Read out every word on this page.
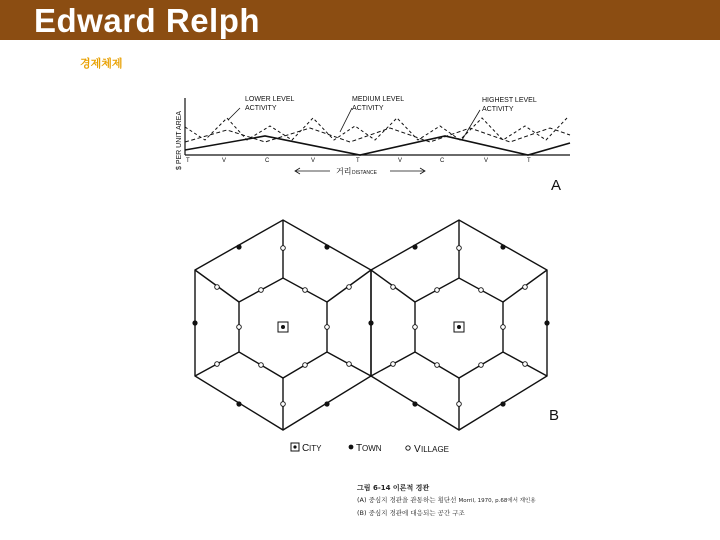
Edward Relph
경제체제
$ PER UNIT AREA
LOWER LEVEL
ACTIVITY
MEDIUM LEVEL
ACTIVITY
HIGHEST LEVEL
ACTIVITY
T	V	C	V	T	V	C	V	T
거리 DISTANCE
A
B
C ITY	T OWN	V ILLAGE
그림 6-14 이론적 경관
(A) 중심지 경관을 관통하는 횡단선 Morril, 1970, p.68에서 재인용
(B) 중심지 경관에 대응되는 공간 구조
